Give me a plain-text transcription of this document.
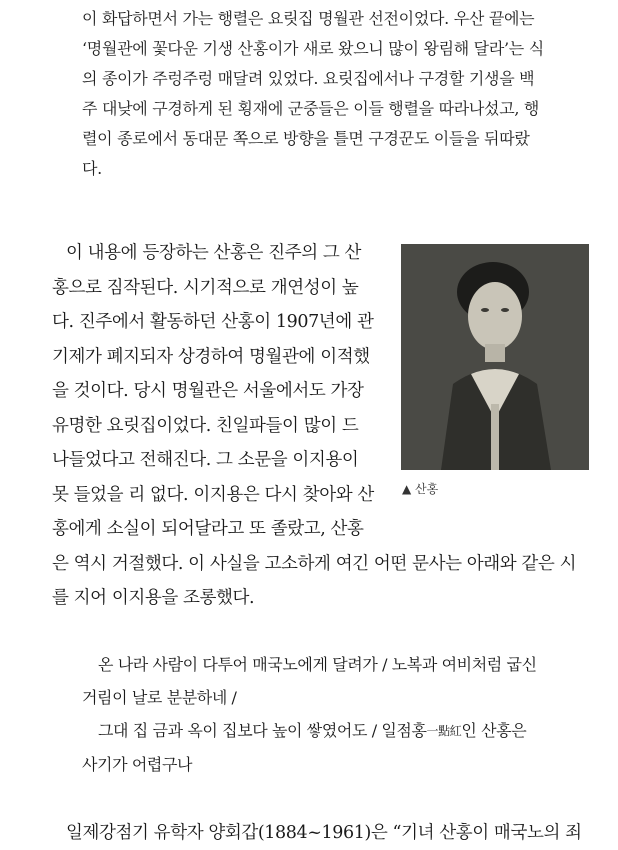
이 화답하면서 가는 행렬은 요릿집 명월관 선전이었다. 우산 끝에는
‘명월관에 꽃다운 기생 산홍이가 새로 왔으니 많이 왕림해 달라’는 식
의 종이가 주렁주렁 매달려 있었다. 요릿집에서나 구경할 기생을 백
주 대낮에 구경하게 된 횡재에 군중들은 이들 행렬을 따라나섰고, 행
렬이 종로에서 동대문 쪽으로 방향을 틀면 구경꾼도 이들을 뒤따랐
다.

이 내용에 등장하는 산홍은 진주의 그 산
홍으로 짐작된다. 시기적으로 개연성이 높
다. 진주에서 활동하던 산홍이 1907년에 관
기제가 폐지되자 상경하여 명월관에 이적했
을 것이다. 당시 명월관은 서울에서도 가장
유명한 요릿집이었다. 친일파들이 많이 드
나들었다고 전해진다. 그 소문을 이지용이
못 들었을 리 없다. 이지용은 다시 찾아와 산
홍에게 소실이 되어달라고 또 졸랐고, 산홍
은 역시 거절했다. 이 사실을 고소하게 여긴 어떤 문사는 아래와 같은 시
를 지어 이지용을 조롱했다.
▲ 산홍
온 나라 사람이 다투어 매국노에게 달려가 / 노복과 여비처럼 굽신
거림이 날로 분분하네 /
그대 집 금과 옥이 집보다 높이 쌓였어도 / 일점홍一點紅인 산홍은
사기가 어렵구나
일제강점기 유학자 양회갑(1884~1961)은 “기녀 산홍이 매국노의 죄
